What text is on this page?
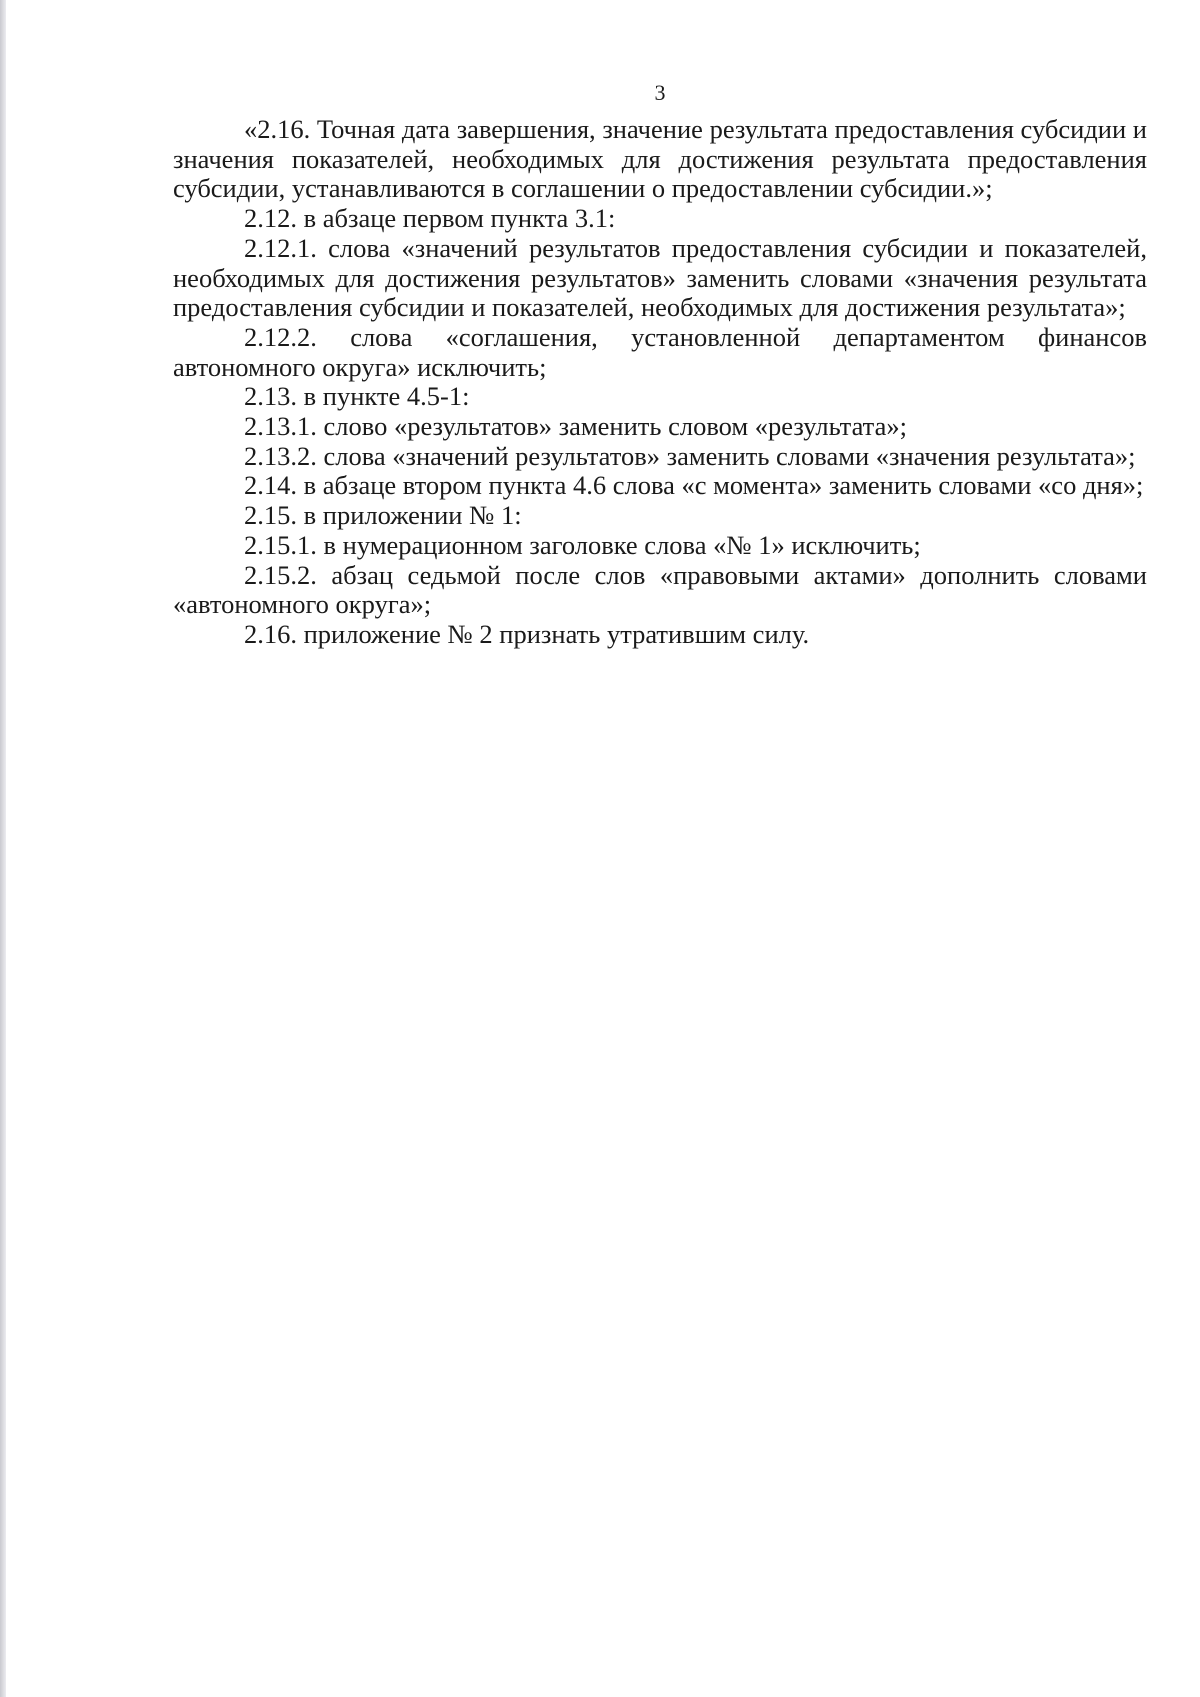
3

«2.16. Точная дата завершения, значение результата предоставления субсидии и значения показателей, необходимых для достижения результата предоставления субсидии, устанавливаются в соглашении о предоставлении субсидии.»;

2.12. в абзаце первом пункта 3.1:

2.12.1. слова «значений результатов предоставления субсидии и показателей, необходимых для достижения результатов» заменить словами «значения результата предоставления субсидии и показателей, необходимых для достижения результата»;

2.12.2. слова «соглашения, установленной департаментом финансов автономного округа» исключить;

2.13. в пункте 4.5-1:

2.13.1. слово «результатов» заменить словом «результата»;

2.13.2. слова «значений результатов» заменить словами «значения результата»;

2.14. в абзаце втором пункта 4.6 слова «с момента» заменить словами «со дня»;

2.15. в приложении № 1:

2.15.1. в нумерационном заголовке слова «№ 1» исключить;

2.15.2. абзац седьмой после слов «правовыми актами» дополнить словами «автономного округа»;

2.16. приложение № 2 признать утратившим силу.
